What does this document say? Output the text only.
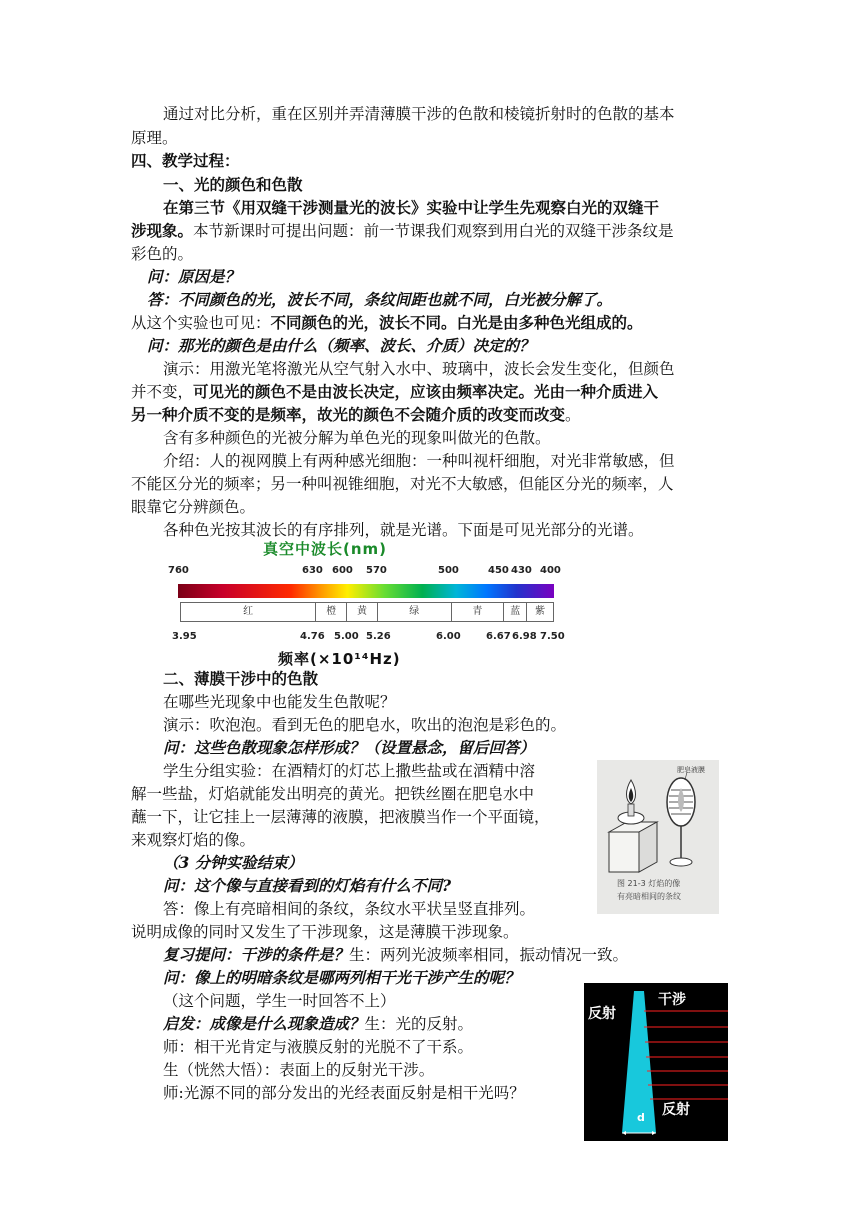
通过对比分析，重在区别并弄清薄膜干涉的色散和棱镜折射时的色散的基本
原理。
四、教学过程：
一、光的颜色和色散
在第三节《用双缝干涉测量光的波长》实验中让学生先观察白光的双缝干
涉现象。本节新课时可提出问题：前一节课我们观察到用白光的双缝干涉条纹是
彩色的。
问：原因是？
答：不同颜色的光，波长不同，条纹间距也就不同，白光被分解了。
从这个实验也可见：不同颜色的光，波长不同。白光是由多种色光组成的。
问：那光的颜色是由什么（频率、波长、介质）决定的？
演示：用激光笔将激光从空气射入水中、玻璃中，波长会发生变化，但颜色
并不变，可见光的颜色不是由波长决定，应该由频率决定。光由一种介质进入
另一种介质不变的是频率，故光的颜色不会随介质的改变而改变。
含有多种颜色的光被分解为单色光的现象叫做光的色散。
介绍：人的视网膜上有两种感光细胞：一种叫视杆细胞，对光非常敏感，但
不能区分光的频率；另一种叫视锥细胞，对光不大敏感，但能区分光的频率，人
眼靠它分辨颜色。
各种色光按其波长的有序排列，就是光谱。下面是可见光部分的光谱。
真空中波长(nm)
760	630 600 570	500	450 430 400
红	橙	黄	绿	青	蓝	紫
3.95	4.76 5.00 5.26	6.00	6.67 6.98 7.50
频率(×10¹⁴Hz)
二、薄膜干涉中的色散
在哪些光现象中也能发生色散呢？
演示：吹泡泡。看到无色的肥皂水，吹出的泡泡是彩色的。
问：这些色散现象怎样形成？（设置悬念，留后回答）
学生分组实验：在酒精灯的灯芯上撒些盐或在酒精中溶
解一些盐，灯焰就能发出明亮的黄光。把铁丝圈在肥皂水中
蘸一下，让它挂上一层薄薄的液膜，把液膜当作一个平面镜，
来观察灯焰的像。
（3 分钟实验结束）
问：这个像与直接看到的灯焰有什么不同?
答：像上有亮暗相间的条纹，条纹水平状呈竖直排列。
说明成像的同时又发生了干涉现象，这是薄膜干涉现象。
复习提问：干涉的条件是？生：两列光波频率相同，振动情况一致。
问：像上的明暗条纹是哪两列相干光干涉产生的呢？
（这个问题，学生一时回答不上）
启发：成像是什么现象造成？生：光的反射。
师：相干光肯定与液膜反射的光脱不了干系。
生（恍然大悟）：表面上的反射光干涉。
师:光源不同的部分发出的光经表面反射是相干光吗？
肥皂液膜
图 21-3 灯焰的像
有亮暗相间的条纹
反射
干涉
反射
d
